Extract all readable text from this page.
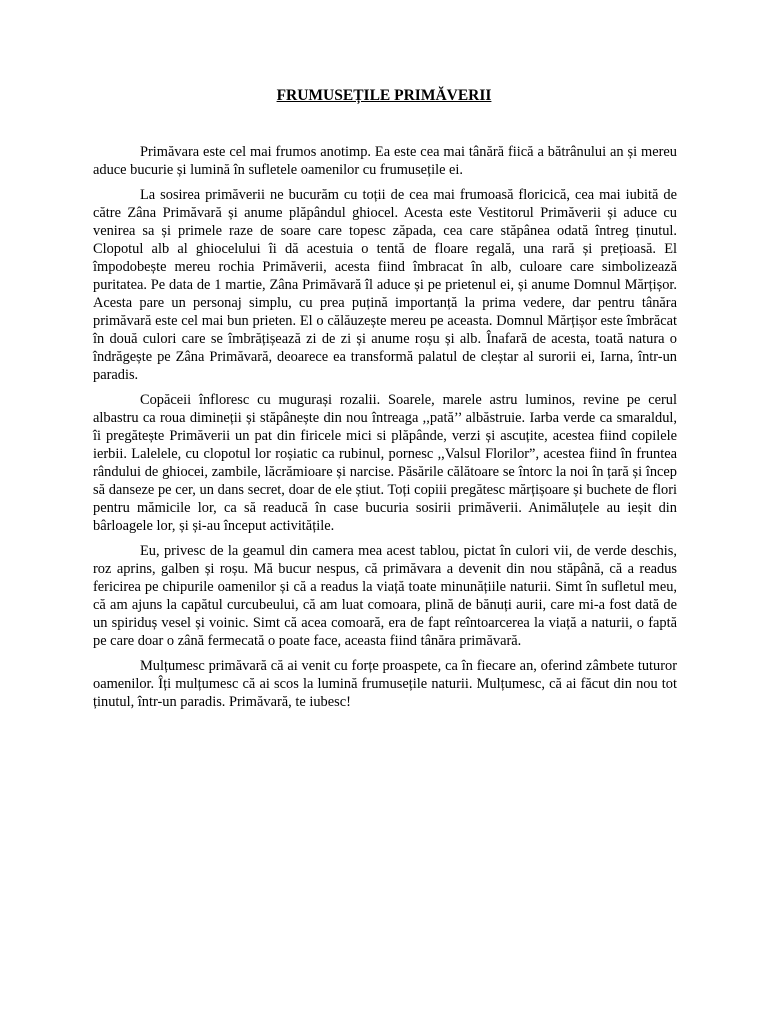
FRUMUSEȚILE PRIMĂVERII

Primăvara este cel mai frumos anotimp. Ea este cea mai tânără fiică a bătrânului an și mereu aduce bucurie și lumină în sufletele oamenilor cu frumusețile ei.

La sosirea primăverii ne bucurăm cu toții de cea mai frumoasă floricică, cea mai iubită de către Zâna Primăvară și anume plăpândul ghiocel. Acesta este Vestitorul Primăverii și aduce cu venirea sa și primele raze de soare care topesc zăpada, cea care stăpânea odată întreg ținutul. Clopotul alb al ghiocelului îi dă acestuia o tentă de floare regală, una rară și prețioasă. El împodobește mereu rochia Primăverii, acesta fiind îmbracat în alb, culoare care simbolizează puritatea. Pe data de 1 martie, Zâna Primăvară îl aduce și pe prietenul ei, și anume Domnul Mărțișor. Acesta pare un personaj simplu, cu prea puțină importanță la prima vedere, dar pentru tânăra primăvară este cel mai bun prieten. El o călăuzește mereu pe aceasta. Domnul Mărțișor este îmbrăcat în două culori care se îmbrățișează zi de zi și anume roșu și alb. Înafară de acesta, toată natura o îndrăgește pe Zâna Primăvară, deoarece ea transformă palatul de cleștar al surorii ei, Iarna, într-un paradis.

Copăceii înfloresc cu mugurași rozalii. Soarele, marele astru luminos, revine pe cerul albastru ca roua dimineții și stăpânește din nou întreaga ,,pată’’ albăstruie. Iarba verde ca smaraldul, îi pregătește Primăverii un pat din firicele mici si plăpânde, verzi și ascuțite, acestea fiind copilele ierbii. Lalelele, cu clopotul lor roșiatic ca rubinul, pornesc ,,Valsul Florilor”, acestea fiind în fruntea rândului de ghiocei, zambile, lăcrămioare și narcise. Păsările călătoare se întorc la noi în țară și încep să danseze pe cer, un dans secret, doar de ele știut. Toți copiii pregătesc mărțișoare și buchete de flori pentru mămicile lor, ca să readucă în case bucuria sosirii primăverii. Animăluțele au ieșit din bârloagele lor, și și-au început activitățile.

Eu, privesc de la geamul din camera mea acest tablou, pictat în culori vii, de verde deschis, roz aprins, galben și roșu. Mă bucur nespus, că primăvara a devenit din nou stăpână, că a readus fericirea pe chipurile oamenilor și că a readus la viață toate minunățiile naturii. Simt în sufletul meu, că am ajuns la capătul curcubeului, că am luat comoara, plină de bănuți aurii, care mi-a fost dată de un spiriduș vesel și voinic. Simt că acea comoară, era de fapt reîntoarcerea la viață a naturii, o faptă pe care doar o zână fermecată o poate face, aceasta fiind tânăra primăvară.

Mulțumesc primăvară că ai venit cu forțe proaspete, ca în fiecare an, oferind zâmbete tuturor oamenilor. Îți mulțumesc că ai scos la lumină frumusețile naturii. Mulțumesc, că ai făcut din nou tot ținutul, într-un paradis. Primăvară, te iubesc!
